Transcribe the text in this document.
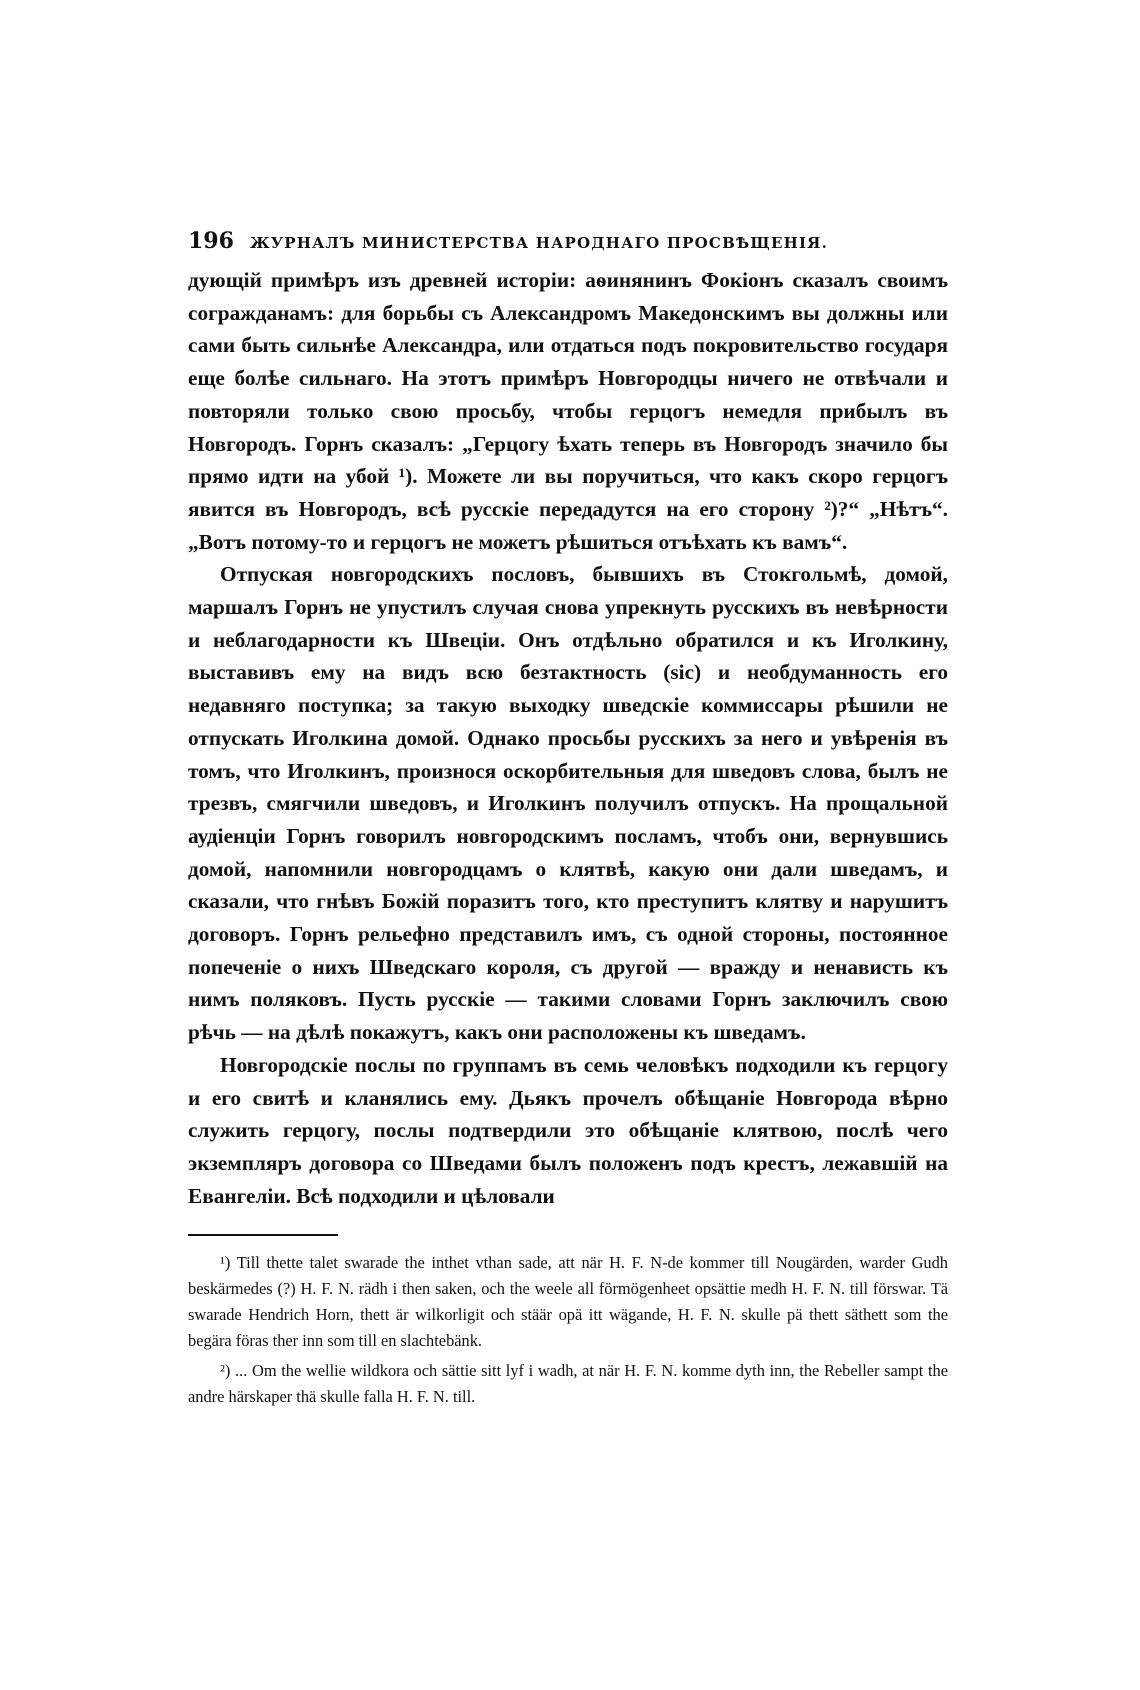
196	ЖУРНАЛЪ МИНИСТЕРСТВА НАРОДНАГО ПРОСВѢЩЕНІЯ.

дующій примѣръ изъ древней исторіи: аѳинянинъ Фокіонъ сказалъ своимъ согражданамъ: для борьбы съ Александромъ Македонскимъ вы должны или сами быть сильнѣе Александра, или отдаться подъ покровительство государя еще болѣе сильнаго. На этотъ примѣръ Новгородцы ничего не отвѣчали и повторяли только свою просьбу, чтобы герцогъ немедля прибылъ въ Новгородъ. Горнъ сказалъ: „Герцогу ѣхать теперь въ Новгородъ значило бы прямо идти на убой ¹). Можете ли вы поручиться, что какъ скоро герцогъ явится въ Новгородъ, всѣ русскіе передадутся на его сторону ²)?“ „Нѣтъ“. „Вотъ потому-то и герцогъ не можетъ рѣшиться отъѣхать къ вамъ“.

Отпуская новгородскихъ пословъ, бывшихъ въ Стокгольмѣ, домой, маршалъ Горнъ не упустилъ случая снова упрекнуть русскихъ въ невѣрности и неблагодарности къ Швеціи. Онъ отдѣльно обратился и къ Иголкину, выставивъ ему на видъ всю безтактность (sic) и необдуманность его недавняго поступка; за такую выходку шведскіе коммиссары рѣшили не отпускать Иголкина домой. Однако просьбы русскихъ за него и увѣренія въ томъ, что Иголкинъ, произнося оскорбительныя для шведовъ слова, былъ не трезвъ, смягчили шведовъ, и Иголкинъ получилъ отпускъ. На прощальной аудіенціи Горнъ говорилъ новгородскимъ посламъ, чтобъ они, вернувшись домой, напомнили новгородцамъ о клятвѣ, какую они дали шведамъ, и сказали, что гнѣвъ Божій поразитъ того, кто преступитъ клятву и нарушитъ договоръ. Горнъ рельефно представилъ имъ, съ одной стороны, постоянное попеченіе о нихъ Шведскаго короля, съ другой — вражду и ненависть къ нимъ поляковъ. Пусть русскіе — такими словами Горнъ заключилъ свою рѣчь — на дѣлѣ покажутъ, какъ они расположены къ шведамъ.

Новгородскіе послы по группамъ въ семь человѣкъ подходили къ герцогу и его свитѣ и кланялись ему. Дьякъ прочелъ обѣщаніе Новгорода вѣрно служить герцогу, послы подтвердили это обѣщаніе клятвою, послѣ чего экземпляръ договора со Шведами былъ положенъ подъ крестъ, лежавшій на Евангеліи. Всѣ подходили и цѣловали

¹) Till thette talet swarade the inthet vthan sade, att när H. F. N-de kommer till Nougärden, warder Gudh beskärmedes (?) H. F. N. rädh i then saken, och the weele all förmögenheet opsättie medh H. F. N. till förswar. Tä swarade Hendrich Horn, thett är wilkorligit och stäär opä itt wägande, H. F. N. skulle pä thett säthett som the begära föras ther inn som till en slachtebänk.

²) ... Om the wellie wildkora och sättie sitt lyf i wadh, at när H. F. N. komme dyth inn, the Rebeller sampt the andre härskaper thä skulle falla H. F. N. till.
